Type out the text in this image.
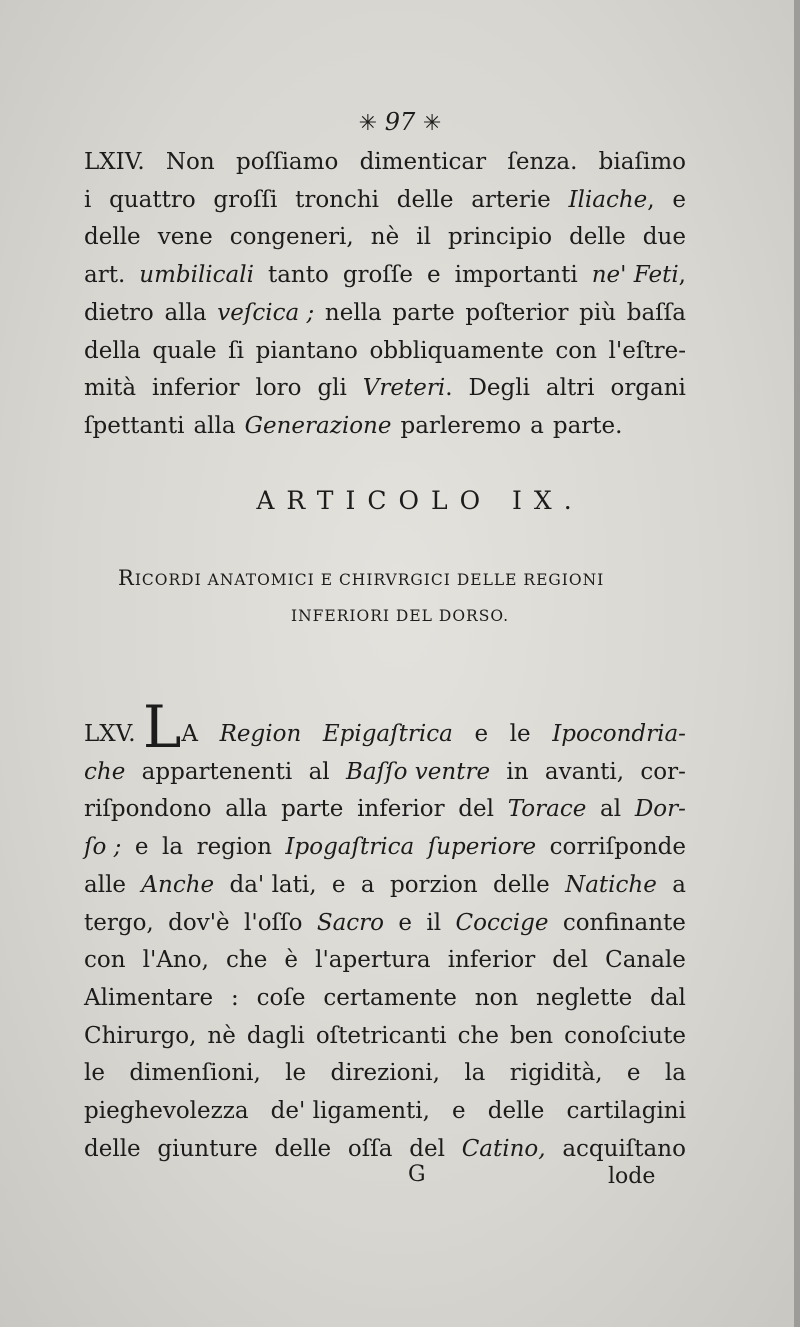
✳ 97 ✳
LXIV. Non poſſiamo dimenticar ſenza. biaſimo
i quattro groſſi tronchi delle arterie Iliache, e
delle vene congeneri, nè il principio delle due
art. umbilicali tanto groſſe e importanti ne' Feti,
dietro alla veſcica ; nella parte poſterior più baſſa
della quale ſi piantano obbliquamente con l'eſtre-
mità inferior loro gli Vreteri. Degli altri organi
ſpettanti alla Generazione parleremo a parte.
ARTICOLO IX.
RICORDI ANATOMICI E CHIRVRGICI DELLE REGIONI
INFERIORI DEL DORSO.
LXV. LA Region Epigaſtrica e le Ipocondria-
che appartenenti al Baſſo ventre in avanti, cor-
riſpondono alla parte inferior del Torace al Dor-
ſo ; e la region Ipogaſtrica ſuperiore corriſponde
alle Anche da' lati, e a porzion delle Natiche a
tergo, dov'è l'oſſo Sacro e il Coccige confinante
con l'Ano, che è l'apertura inferior del Canale
Alimentare : coſe certamente non neglette dal
Chirurgo, nè dagli oſtetricanti che ben conoſciute
le dimenſioni, le direzioni, la rigidità, e la
pieghevolezza de' ligamenti, e delle cartilagini
delle giunture delle oſſa del Catino, acquiſtano
G	lode
